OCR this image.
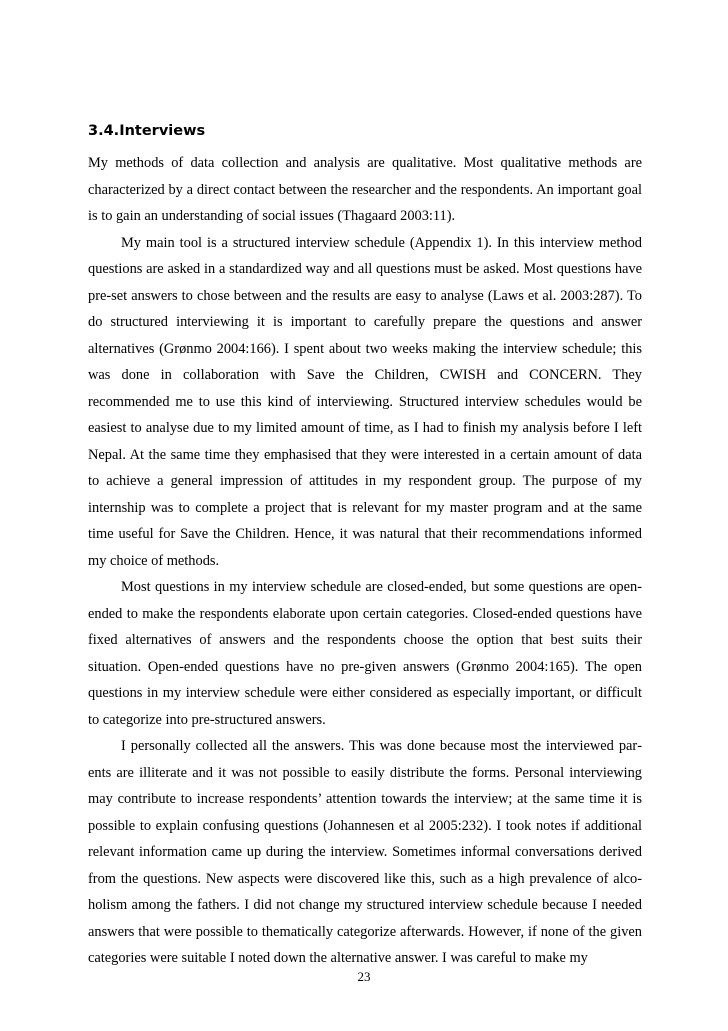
3.4.Interviews

My methods of data collection and analysis are qualitative. Most qualitative methods are characterized by a direct contact between the researcher and the respondents. An important goal is to gain an understanding of social issues (Thagaard 2003:11).

My main tool is a structured interview schedule (Appendix 1). In this interview method questions are asked in a standardized way and all questions must be asked. Most questions have pre-set answers to chose between and the results are easy to analyse (Laws et al. 2003:287). To do structured interviewing it is important to carefully prepare the questions and answer alternatives (Grønmo 2004:166). I spent about two weeks making the interview schedule; this was done in collaboration with Save the Children, CWISH and CONCERN. They recommended me to use this kind of interviewing. Structured interview schedules would be easiest to analyse due to my limited amount of time, as I had to finish my analysis before I left Nepal. At the same time they emphasised that they were interested in a certain amount of data to achieve a general impression of attitudes in my respondent group. The purpose of my internship was to complete a project that is relevant for my master program and at the same time useful for Save the Children. Hence, it was natural that their recommendations informed my choice of methods.

Most questions in my interview schedule are closed-ended, but some questions are open-ended to make the respondents elaborate upon certain categories. Closed-ended questions have fixed alternatives of answers and the respondents choose the option that best suits their situation. Open-ended questions have no pre-given answers (Grønmo 2004:165). The open questions in my interview schedule were either considered as especially important, or difficult to categorize into pre-structured answers.

I personally collected all the answers. This was done because most the interviewed parents are illiterate and it was not possible to easily distribute the forms. Personal interviewing may contribute to increase respondents’ attention towards the interview; at the same time it is possible to explain confusing questions (Johannesen et al 2005:232). I took notes if additional relevant information came up during the interview. Sometimes informal conversations derived from the questions. New aspects were discovered like this, such as a high prevalence of alcoholism among the fathers. I did not change my structured interview schedule because I needed answers that were possible to thematically categorize afterwards. However, if none of the given categories were suitable I noted down the alternative answer. I was careful to make my

23
